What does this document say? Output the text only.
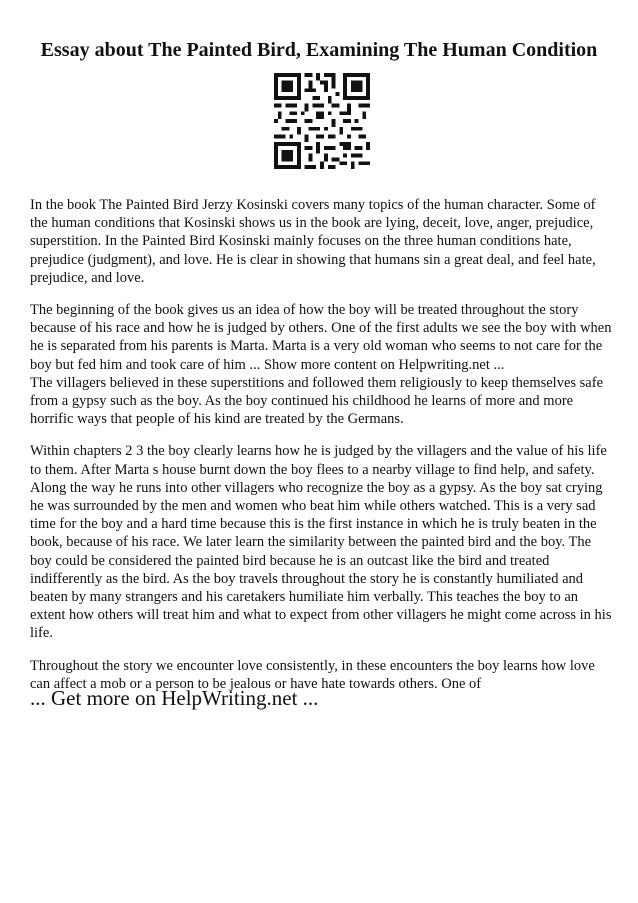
Essay about The Painted Bird, Examining The Human Condition

In the book The Painted Bird Jerzy Kosinski covers many topics of the human character. Some of the human conditions that Kosinski shows us in the book are lying, deceit, love, anger, prejudice, superstition. In the Painted Bird Kosinski mainly focuses on the three human conditions hate, prejudice (judgment), and love. He is clear in showing that humans sin a great deal, and feel hate, prejudice, and love.

The beginning of the book gives us an idea of how the boy will be treated throughout the story because of his race and how he is judged by others. One of the first adults we see the boy with when he is separated from his parents is Marta. Marta is a very old woman who seems to not care for the boy but fed him and took care of him ... Show more content on Helpwriting.net ...

The villagers believed in these superstitions and followed them religiously to keep themselves safe from a gypsy such as the boy. As the boy continued his childhood he learns of more and more horrific ways that people of his kind are treated by the Germans.

Within chapters 2 3 the boy clearly learns how he is judged by the villagers and the value of his life to them. After Marta s house burnt down the boy flees to a nearby village to find help, and safety. Along the way he runs into other villagers who recognize the boy as a gypsy. As the boy sat crying he was surrounded by the men and women who beat him while others watched. This is a very sad time for the boy and a hard time because this is the first instance in which he is truly beaten in the book, because of his race. We later learn the similarity between the painted bird and the boy. The boy could be considered the painted bird because he is an outcast like the bird and treated indifferently as the bird. As the boy travels throughout the story he is constantly humiliated and beaten by many strangers and his caretakers humiliate him verbally. This teaches the boy to an extent how others will treat him and what to expect from other villagers he might come across in his life.

Throughout the story we encounter love consistently, in these encounters the boy learns how love can affect a mob or a person to be jealous or have hate towards others. One of

... Get more on HelpWriting.net ...
